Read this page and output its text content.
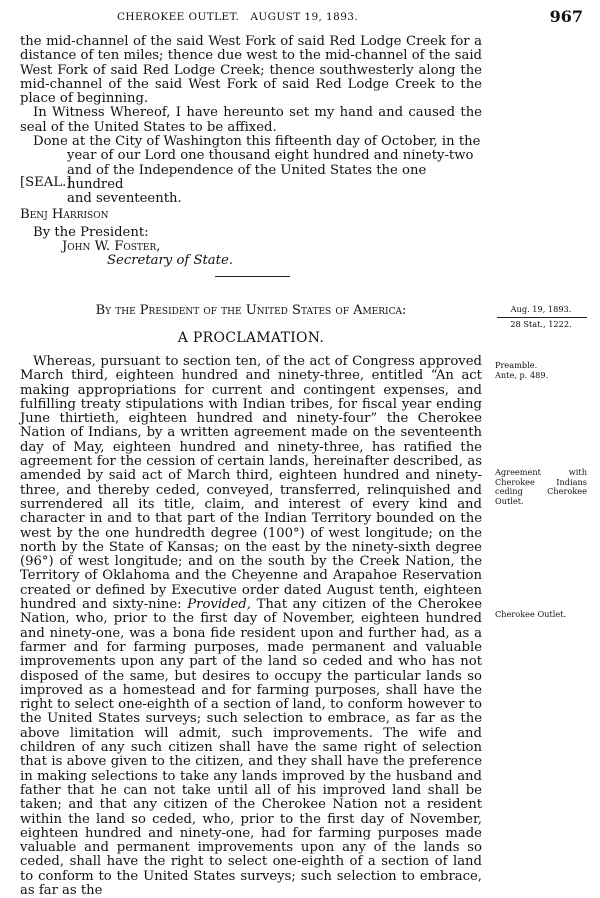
CHEROKEE OUTLET.   AUGUST 19, 1893.	967

the mid-channel of the said West Fork of said Red Lodge Creek for a distance of ten miles; thence due west to the mid-channel of the said West Fork of said Red Lodge Creek; thence southwesterly along the mid-channel of the said West Fork of said Red Lodge Creek to the place of beginning.

In Witness Whereof, I have hereunto set my hand and caused the seal of the United States to be affixed.

Done at the City of Washington this fifteenth day of October, in the

year of our Lord one thousand eight hundred and ninety-two

and of the Independence of the United States the one hundred

and seventeenth.

Benj Harrison

By the President:

John W. Foster,

Secretary of State.

[SEAL.]
By the President of the United States of America:
A PROCLAMATION.

Whereas, pursuant to section ten, of the act of Congress approved March third, eighteen hundred and ninety-three, entitled “An act making appropriations for current and contingent expenses, and fulfilling treaty stipulations with Indian tribes, for fiscal year ending June thirtieth, eighteen hundred and ninety-four” the Cherokee Nation of Indians, by a written agreement made on the seventeenth day of May, eighteen hundred and ninety-three, has ratified the agreement for the cession of certain lands, hereinafter described, as amended by said act of March third, eighteen hundred and ninety-three, and thereby ceded, conveyed, transferred, relinquished and surrendered all its title, claim, and interest of every kind and character in and to that part of the Indian Territory bounded on the west by the one hundredth degree (100°) of west longitude; on the north by the State of Kansas; on the east by the ninety-sixth degree (96°) of west longitude; and on the south by the Creek Nation, the Territory of Oklahoma and the Cheyenne and Arapahoe Reservation created or defined by Executive order dated August tenth, eighteen hundred and sixty-nine: Provided, That any citizen of the Cherokee Nation, who, prior to the first day of November, eighteen hundred and ninety-one, was a bona fide resident upon and further had, as a farmer and for farming purposes, made permanent and valuable improvements upon any part of the land so ceded and who has not disposed of the same, but desires to occupy the particular lands so improved as a homestead and for farming purposes, shall have the right to select one-eighth of a section of land, to conform however to the United States surveys; such selection to embrace, as far as the above limitation will admit, such improvements. The wife and children of any such citizen shall have the same right of selection that is above given to the citizen, and they shall have the preference in making selections to take any lands improved by the husband and father that he can not take until all of his improved land shall be taken; and that any citizen of the Cherokee Nation not a resident within the land so ceded, who, prior to the first day of November, eighteen hundred and ninety-one, had for farming purposes made valuable and permanent improvements upon any of the lands so ceded, shall have the right to select one-eighth of a section of land to conform to the United States surveys; such selection to embrace, as far as the

Aug. 19, 1893.
28 Stat., 1222.
Preamble.
Ante, p. 489.
Agreement with Cherokee Indians ceding Cherokee Outlet.
Cherokee Outlet.
